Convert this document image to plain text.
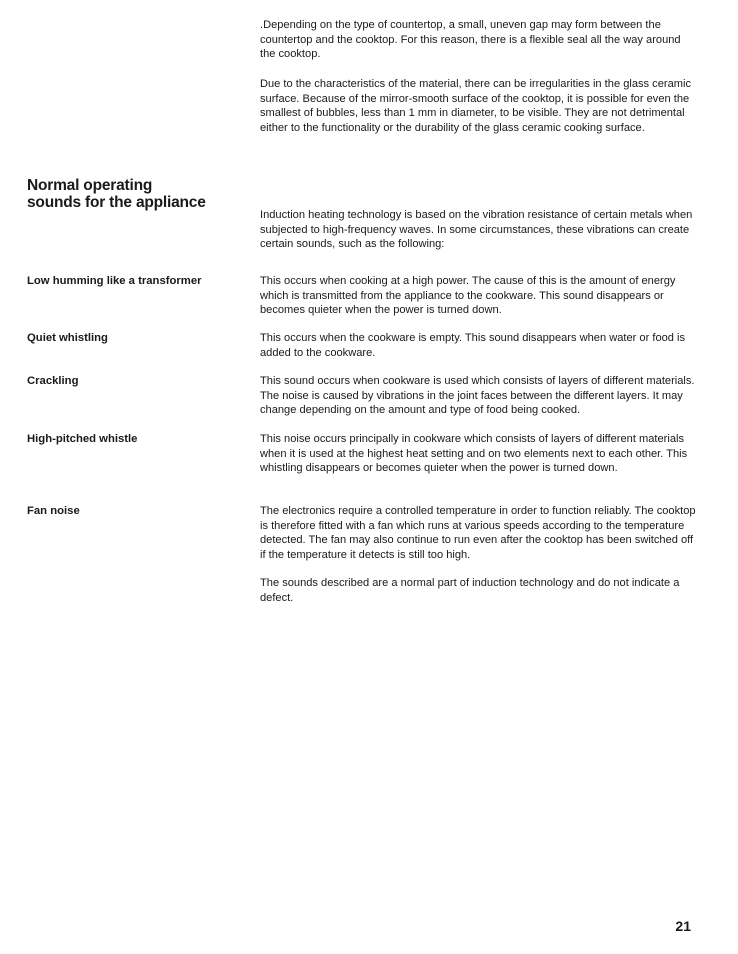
.Depending on the type of countertop, a small, uneven gap may form between the countertop and the cooktop. For this reason, there is a flexible seal all the way around the cooktop.

Due to the characteristics of the material, there can be irregularities in the glass ceramic surface. Because of the mirror-smooth surface of the cooktop, it is possible for even the smallest of bubbles, less than 1 mm in diameter, to be visible. They are not detrimental either to the functionality or the durability of the glass ceramic cooking surface.

Normal operating sounds for the appliance

Induction heating technology is based on the vibration resistance of certain metals when subjected to high-frequency waves. In some circumstances, these vibrations can create certain sounds, such as the following:

Low humming like a transformer	This occurs when cooking at a high power. The cause of this is the amount of energy which is transmitted from the appliance to the cookware. This sound disappears or becomes quieter when the power is turned down.

Quiet whistling	This occurs when the cookware is empty. This sound disappears when water or food is added to the cookware.

Crackling	This sound occurs when cookware is used which consists of layers of different materials. The noise is caused by vibrations in the joint faces between the different layers. It may change depending on the amount and type of food being cooked.

High-pitched whistle	This noise occurs principally in cookware which consists of layers of different materials when it is used at the highest heat setting and on two elements next to each other. This whistling disappears or becomes quieter when the power is turned down.

Fan noise	The electronics require a controlled temperature in order to function reliably. The cooktop is therefore fitted with a fan which runs at various speeds according to the temperature detected. The fan may also continue to run even after the cooktop has been switched off if the temperature it detects is still too high.

The sounds described are a normal part of induction technology and do not indicate a defect.

21
